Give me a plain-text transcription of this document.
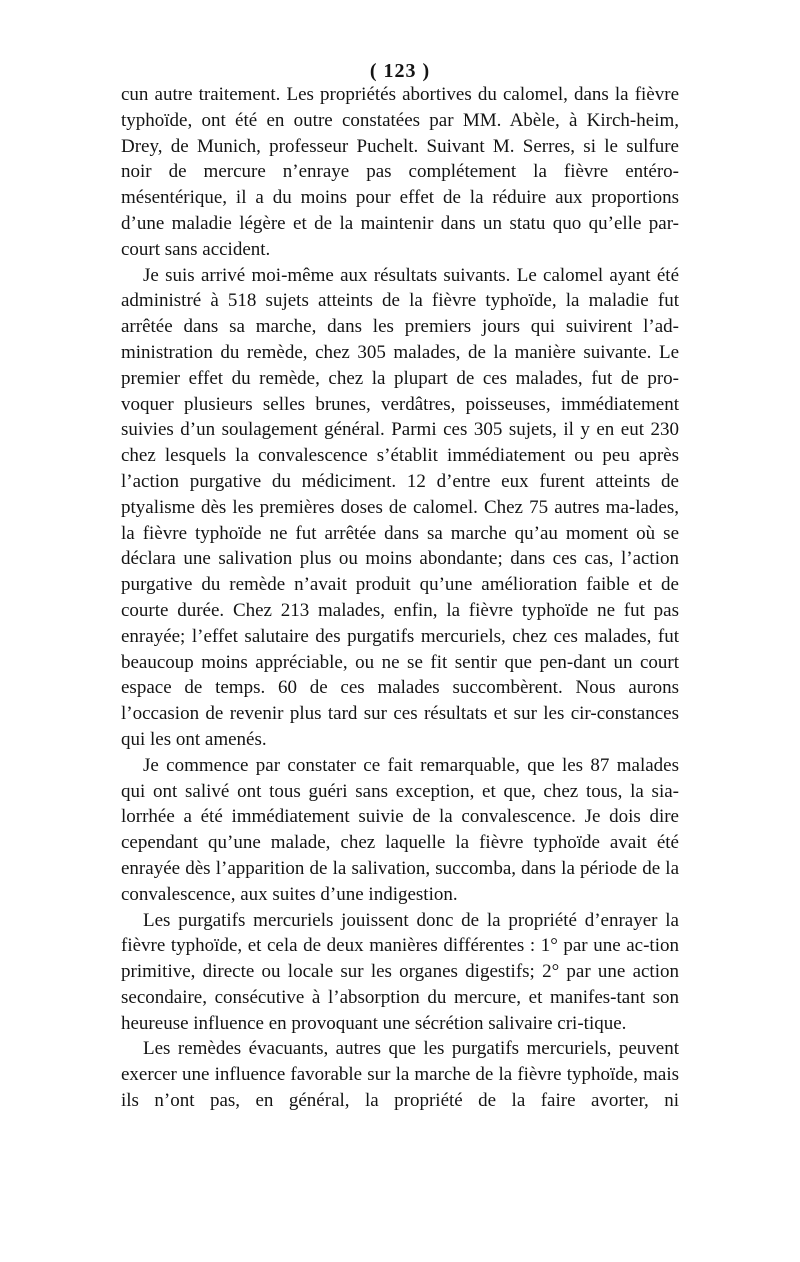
( 123 )

cun autre traitement. Les propriétés abortives du calomel, dans la fièvre typhoïde, ont été en outre constatées par MM. Abèle, à Kirch-heim, Drey, de Munich, professeur Puchelt. Suivant M. Serres, si le sulfure noir de mercure n’enraye pas complétement la fièvre entéro-mésentérique, il a du moins pour effet de la réduire aux proportions d’une maladie légère et de la maintenir dans un statu quo qu’elle par-court sans accident.

Je suis arrivé moi-même aux résultats suivants. Le calomel ayant été administré à 518 sujets atteints de la fièvre typhoïde, la maladie fut arrêtée dans sa marche, dans les premiers jours qui suivirent l’ad-ministration du remède, chez 305 malades, de la manière suivante. Le premier effet du remède, chez la plupart de ces malades, fut de pro-voquer plusieurs selles brunes, verdâtres, poisseuses, immédiatement suivies d’un soulagement général. Parmi ces 305 sujets, il y en eut 230 chez lesquels la convalescence s’établit immédiatement ou peu après l’action purgative du médiciment. 12 d’entre eux furent atteints de ptyalisme dès les premières doses de calomel. Chez 75 autres ma-lades, la fièvre typhoïde ne fut arrêtée dans sa marche qu’au moment où se déclara une salivation plus ou moins abondante; dans ces cas, l’action purgative du remède n’avait produit qu’une amélioration faible et de courte durée. Chez 213 malades, enfin, la fièvre typhoïde ne fut pas enrayée; l’effet salutaire des purgatifs mercuriels, chez ces malades, fut beaucoup moins appréciable, ou ne se fit sentir que pen-dant un court espace de temps. 60 de ces malades succombèrent. Nous aurons l’occasion de revenir plus tard sur ces résultats et sur les cir-constances qui les ont amenés.

Je commence par constater ce fait remarquable, que les 87 malades qui ont salivé ont tous guéri sans exception, et que, chez tous, la sia-lorrhée a été immédiatement suivie de la convalescence. Je dois dire cependant qu’une malade, chez laquelle la fièvre typhoïde avait été enrayée dès l’apparition de la salivation, succomba, dans la période de la convalescence, aux suites d’une indigestion.

Les purgatifs mercuriels jouissent donc de la propriété d’enrayer la fièvre typhoïde, et cela de deux manières différentes : 1° par une ac-tion primitive, directe ou locale sur les organes digestifs; 2° par une action secondaire, consécutive à l’absorption du mercure, et manifes-tant son heureuse influence en provoquant une sécrétion salivaire cri-tique.

Les remèdes évacuants, autres que les purgatifs mercuriels, peuvent exercer une influence favorable sur la marche de la fièvre typhoïde, mais ils n’ont pas, en général, la propriété de la faire avorter, ni
